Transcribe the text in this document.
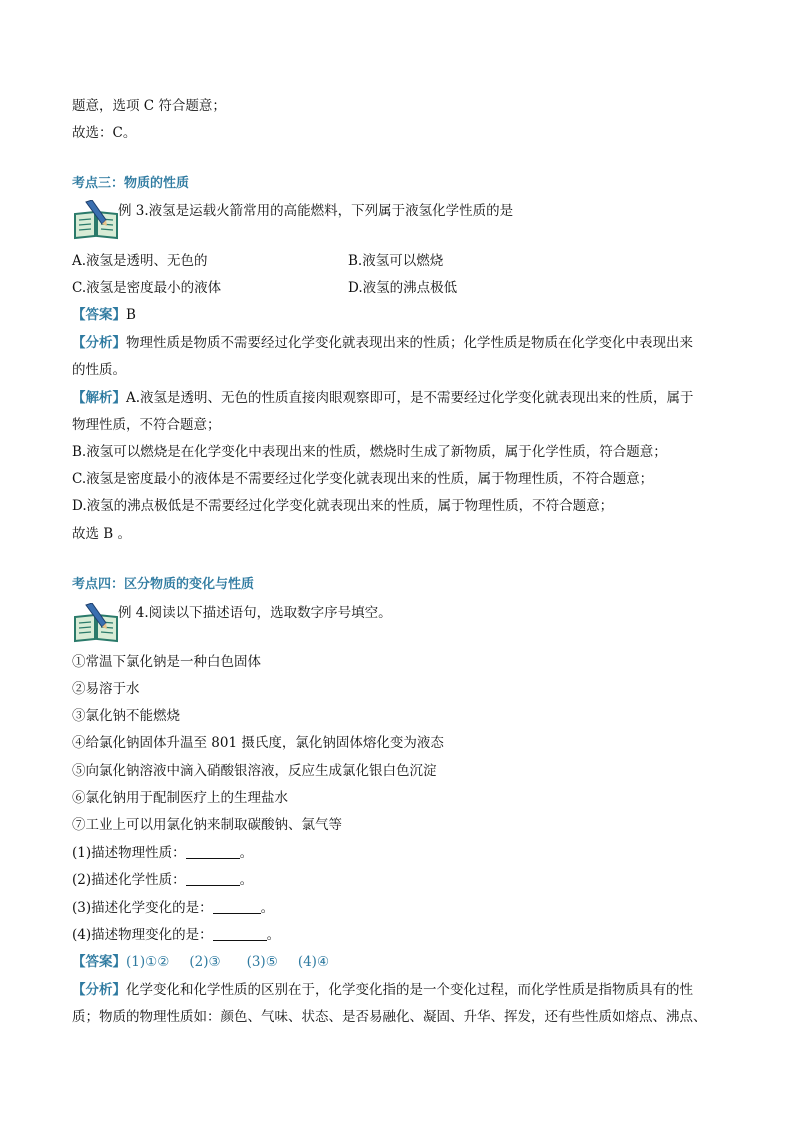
题意，选项 C 符合题意；
故选：C。
考点三：物质的性质
例 3.液氢是运载火箭常用的高能燃料，下列属于液氢化学性质的是
A.液氢是透明、无色的	B.液氢可以燃烧
C.液氢是密度最小的液体	D.液氢的沸点极低
【答案】B
【分析】物理性质是物质不需要经过化学变化就表现出来的性质；化学性质是物质在化学变化中表现出来
的性质。
【解析】A.液氢是透明、无色的性质直接肉眼观察即可，是不需要经过化学变化就表现出来的性质，属于
物理性质，不符合题意；
B.液氢可以燃烧是在化学变化中表现出来的性质，燃烧时生成了新物质，属于化学性质，符合题意；
C.液氢是密度最小的液体是不需要经过化学变化就表现出来的性质，属于物理性质，不符合题意；
D.液氢的沸点极低是不需要经过化学变化就表现出来的性质，属于物理性质，不符合题意；
故选 B 。
考点四：区分物质的变化与性质
例 4.阅读以下描述语句，选取数字序号填空。
①常温下氯化钠是一种白色固体
②易溶于水
③氯化钠不能燃烧
④给氯化钠固体升温至 801 摄氏度，氯化钠固体熔化变为液态
⑤向氯化钠溶液中滴入硝酸银溶液，反应生成氯化银白色沉淀
⑥氯化钠用于配制医疗上的生理盐水
⑦工业上可以用氯化钠来制取碳酸钠、氯气等
(1)描述物理性质：	。
(2)描述化学性质：	。
(3)描述化学变化的是：	。
(4)描述物理变化的是：	。
【答案】(1)①② (2)③ (3)⑤ (4)④
【分析】化学变化和化学性质的区别在于，化学变化指的是一个变化过程，而化学性质是指物质具有的性
质；物质的物理性质如：颜色、气味、状态、是否易融化、凝固、升华、挥发，还有些性质如熔点、沸点、
